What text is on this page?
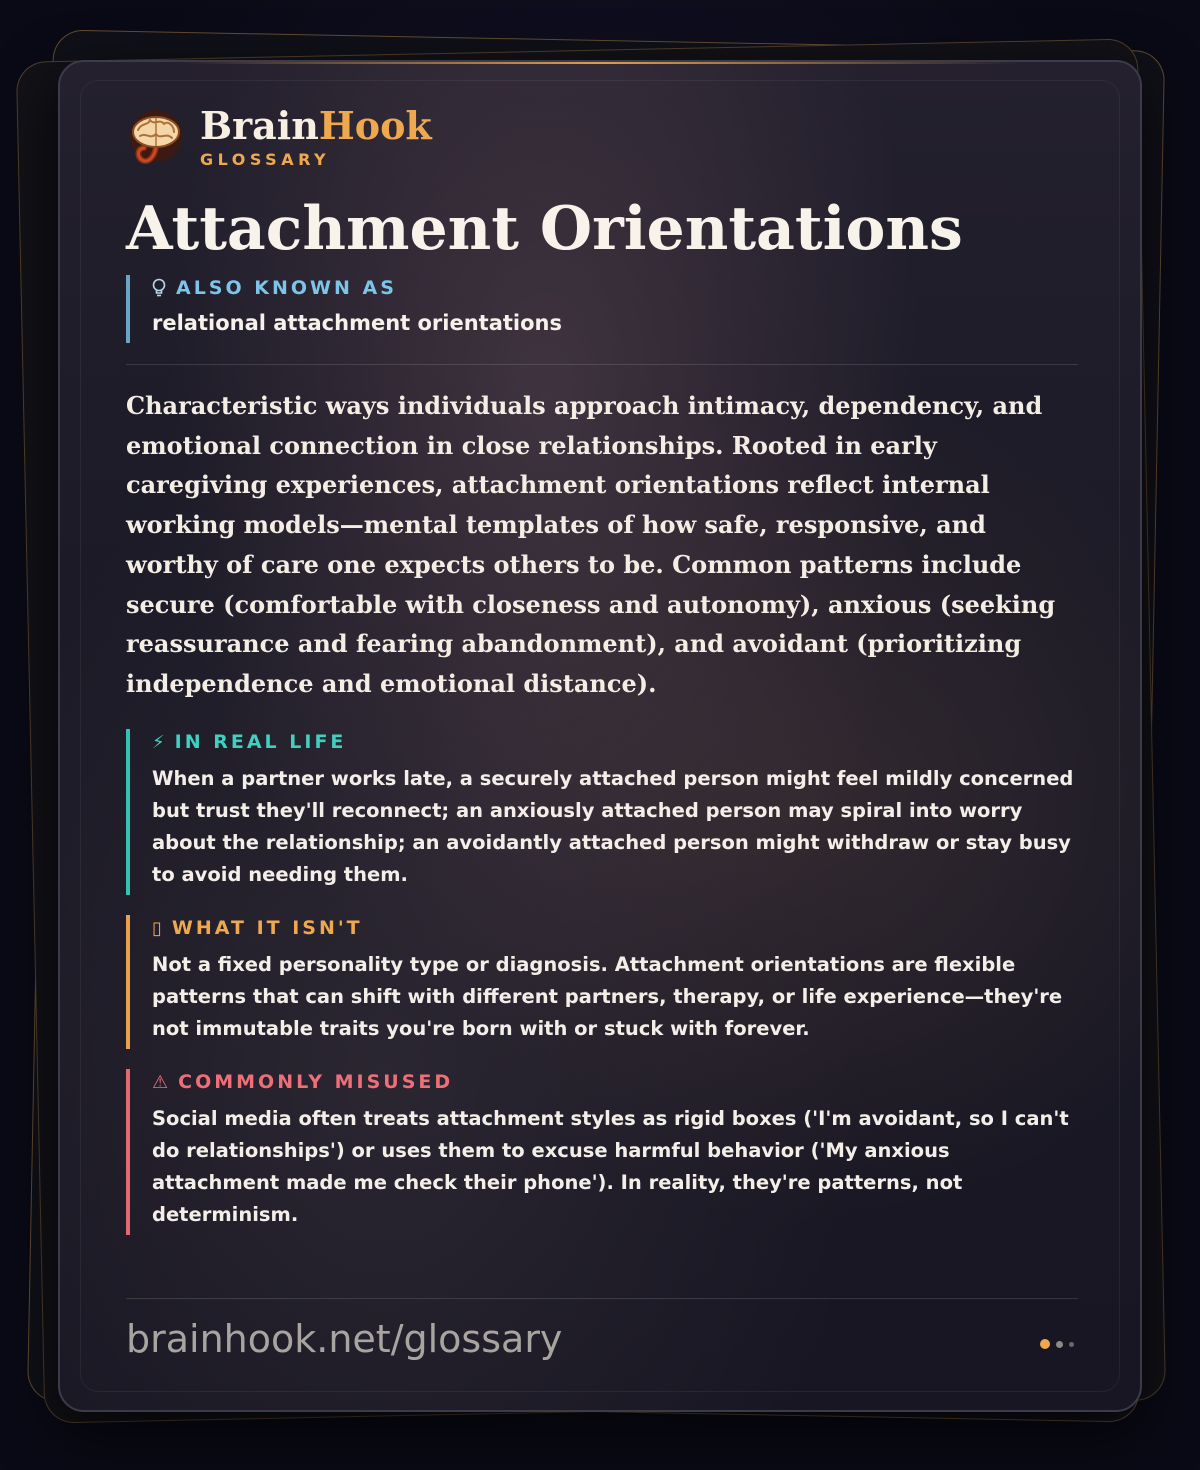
BrainHook
GLOSSARY
Attachment Orientations
ALSO KNOWN AS
relational attachment orientations

Characteristic ways individuals approach intimacy, dependency, and emotional connection in close relationships. Rooted in early caregiving experiences, attachment orientations reflect internal working models—mental templates of how safe, responsive, and worthy of care one expects others to be. Common patterns include secure (comfortable with closeness and autonomy), anxious (seeking reassurance and fearing abandonment), and avoidant (prioritizing independence and emotional distance).

⚡ IN REAL LIFE
When a partner works late, a securely attached person might feel mildly concerned but trust they'll reconnect; an anxiously attached person may spiral into worry about the relationship; an avoidantly attached person might withdraw or stay busy to avoid needing them.
▯ WHAT IT ISN'T
Not a fixed personality type or diagnosis. Attachment orientations are flexible patterns that can shift with different partners, therapy, or life experience—they're not immutable traits you're born with or stuck with forever.
⚠ COMMONLY MISUSED
Social media often treats attachment styles as rigid boxes ('I'm avoidant, so I can't do relationships') or uses them to excuse harmful behavior ('My anxious attachment made me check their phone'). In reality, they're patterns, not determinism.
brainhook.net/glossary
